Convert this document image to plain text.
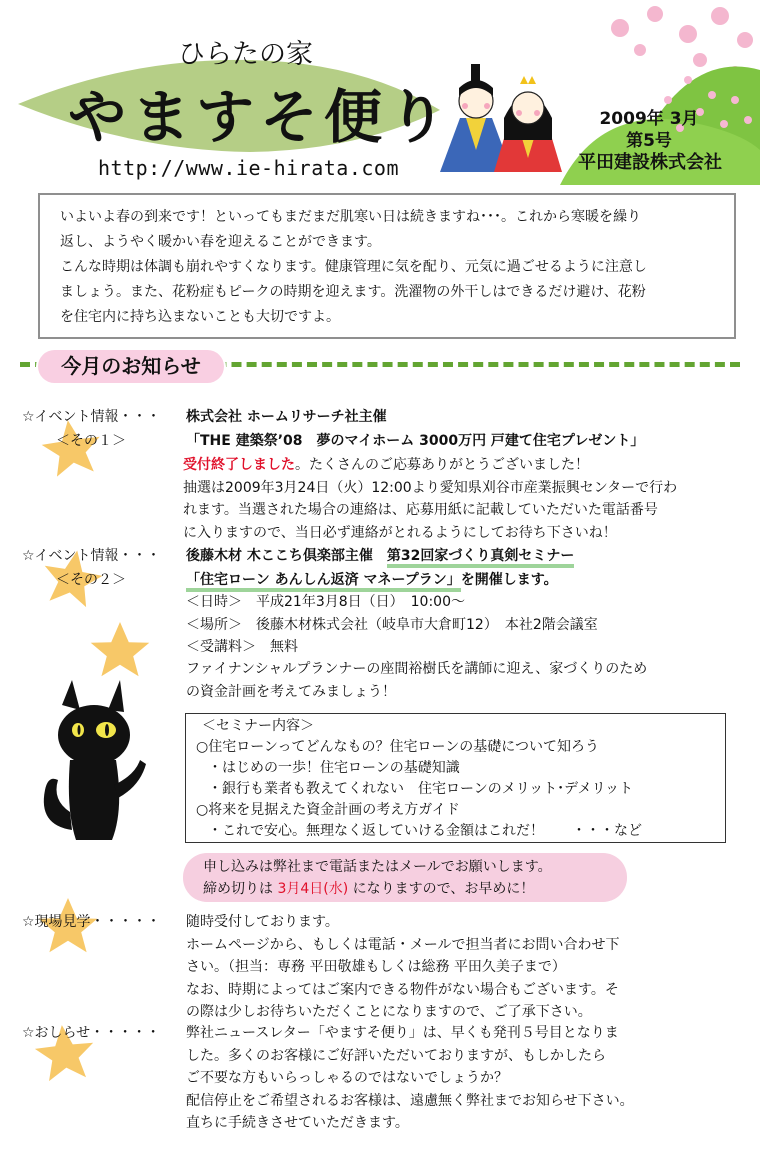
ひらたの家
やますそ便り
http://www.ie-hirata.com
2009年 3月
第5号
平田建設株式会社

いよいよ春の到来です！といってもまだまだ肌寒い日は続きますね･･･。これから寒暖を繰り

返し、ようやく暖かい春を迎えることができます。

こんな時期は体調も崩れやすくなります。健康管理に気を配り、元気に過ごせるように注意し

ましょう。また、花粉症もピークの時期を迎えます。洗濯物の外干しはできるだけ避け、花粉

を住宅内に持ち込まないことも大切ですよ。

今月のお知らせ
☆イベント情報・・・
＜その１＞
株式会社 ホームリサーチ社主催
「THE 建築祭’08　夢のマイホーム 3000万円 戸建て住宅プレゼント」

受付終了しました。たくさんのご応募ありがとうございました！

抽選は2009年3月24日（火）12:00より愛知県刈谷市産業振興センターで行わ

れます。当選された場合の連絡は、応募用紙に記載していただいた電話番号

に入りますので、当日必ず連絡がとれるようにしてお待ち下さいね！

☆イベント情報・・・
＜その２＞

後藤木材 木ここち倶楽部主催　第32回家づくり真剣セミナー

「住宅ローン あんしん返済 マネープラン」を開催します。

＜日時＞　平成21年3月8日（日）　10:00～

＜場所＞　後藤木材株式会社（岐阜市大倉町12）　本社2階会議室

＜受講料＞　無料

ファイナンシャルプランナーの座間裕樹氏を講師に迎え、家づくりのため

の資金計画を考えてみましょう！

＜セミナー内容＞

○住宅ローンってどんなもの？住宅ローンの基礎について知ろう

・はじめの一歩！住宅ローンの基礎知識

・銀行も業者も教えてくれない　住宅ローンのメリット･デメリット

○将来を見据えた資金計画の考え方ガイド

・これで安心。無理なく返していける金額はこれだ！　　・・・など

申し込みは弊社まで電話またはメールでお願いします。

締め切りは 3月4日(水) になりますので、お早めに！

☆現場見学・・・・・ 随時受付しております。

ホームページから、もしくは電話・メールで担当者にお問い合わせ下

さい。（担当：専務 平田敬雄もしくは総務 平田久美子まで）

なお、時期によってはご案内できる物件がない場合もございます。そ

の際は少しお待ちいただくことになりますので、ご了承下さい。

☆おしらせ・・・・・ 弊社ニュースレター「やますそ便り」は、早くも発刊５号目となりま

した。多くのお客様にご好評いただいておりますが、もしかしたら

ご不要な方もいらっしゃるのではないでしょうか？

配信停止をご希望されるお客様は、遠慮無く弊社までお知らせ下さい。

直ちに手続きさせていただきます。
